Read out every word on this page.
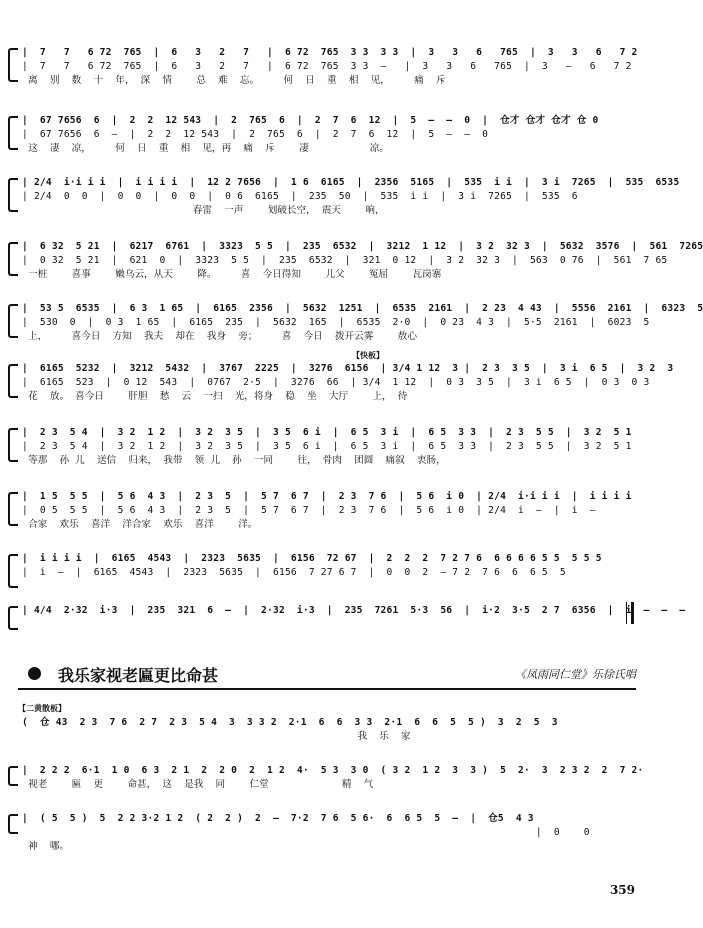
|  7   7   6 72  765  |  6   3   2   7   |  6 72  765  3 3  3 3  |  3   3   6   765  |  3   3   6   7 2
|  7   7   6 72  765  |  6   3   2   7   |  6 72  765  3 3  —   |  3   3   6   765  |  3   —   6   7 2
离    别    数    十    年，  深    情        总    难    忘。        何    日    重    相    见，        痛    斥
|  67 7656  6  |  2  2  12 543  |  2  765  6  |  2  7  6  12  |  5  —  —  0  |  仓才 仓才 仓才 仓 0
|  67 7656  6  —  |  2  2  12 543  |  2  765  6  |  2  7  6  12  |  5  —  —  0
这    凄    凉，        何    日    重    相    见，再    痛    斥        凄                    凉。
| 2/4  i·i i i  |  i i i i  |  12 2 7656  |  1 6  6165  |  2356  5165  |  535  i i  |  3 i  7265  |  535  6535
| 2/4  0  0  |  0  0  |  0  0  |  0 6  6165  |  235  50  |  535  i i  |  3 i  7265  |  535  6
春雷    一声        划破长空，  震天        响，
|  6 32  5 21  |  6217  6761  |  3323  5 5  |  235  6532  |  3212  1 12  |  3 2  32 3  |  5632  3576  |  561  7265
|  0 32  5 21  |  621  0  |  3323  5 5  |  235  6532  |  321  0 12  |  3 2  32 3  |  563  0 76  |  561  7 65
一桩        喜事        嫩乌云，从天        降。        喜    今日得知        儿父        冤屈        瓦岗寨
|  53 5  6535  |  6 3  1 65  |  6165  2356  |  5632  1251  |  6535  2161  |  2 23  4 43  |  5556  2161  |  6323  5
|  530  0  |  0 3  1 65  |  6165  235  |  5632  165  |  6535  2·0  |  0 23  4 3  |  5·5  2161  |  6023  5
上，        喜今日    方知    我夫    却在    我身    旁；        喜    今日    拨开云雾        敖心
【快板】
|  6165  5232  |  3212  5432  |  3767  2225  |  3276  6156  | 3/4 1 12  3 |  2 3  3 5  |  3 i  6 5  |  3 2  3
|  6165  523  |  0 12  543  |  0767  2·5  |  3276  66  | 3/4  1 12  |  0 3  3 5  |  3 i  6 5  |  0 3  0 3
花    放。  喜今日        肝胆    愁    云    一扫    光，将身    稳    坐    大厅        上，  待
|  2 3  5 4  |  3 2  1 2  |  3 2  3 5  |  3 5  6 i  |  6 5  3 i  |  6 5  3 3  |  2 3  5 5  |  3 2  5 1
|  2 3  5 4  |  3 2  1 2  |  3 2  3 5  |  3 5  6 i  |  6 5  3 i  |  6 5  3 3  |  2 3  5 5  |  3 2  5 1
等那    孙  儿    送信    归来，  我带    领  儿    孙    一同        往，  骨肉    团圆    痛叙    衷肠，
|  1 5  5 5  |  5 6  4 3  |  2 3  5  |  5 7  6 7  |  2 3  7 6  |  5 6  i 0  | 2/4  i·i i i  |  i i i i
|  0 5  5 5  |  5 6  4 3  |  2 3  5  |  5 7  6 7  |  2 3  7 6  |  5 6  i 0  | 2/4  i  —  |  i  —
合家    欢乐    喜洋    洋合家    欢乐    喜洋        洋。
|  i i i i  |  6165  4543  |  2323  5635  |  6156  72 67  |  2  2  2  7 2 7 6  6 6 6 6 5 5  5 5 5
|  i  —  |  6165  4543  |  2323  5635  |  6156  7 27 6 7  |  0  0  2  — 7 2  7 6  6  6 5  5
| 4/4  2·32  i·3  |  235  321  6  —  |  2·32  i·3  |  235  7261  5·3  56  |  i·2  3·5  2 7  6356  |  i  —  —  —
我乐家视老匾更比命甚	《凤雨同仁堂》乐徐氏唱
【二黄散板】
(  仓 43  2 3  7 6  2 7  2 3  5 4  3  3 3 2  2·1  6  6  3 3  2·1  6  6  5  5 )  3  2  5  3
我    乐    家
|  2 2 2  6·1  1 0  6 3  2 1  2  2 0  2  1 2  4·  5 3  3 0  ( 3 2  1 2  3  3 )  5  2·  3  2 3 2  2  7 2·
视老        匾    更        命甚，  这    是我    同        仁堂                        精    气
|  ( 5  5 )  5  2 2 3·2 1 2  ( 2  2 )  2  —  7·2  7 6  5 6·  6  6 5  5  —  |  仓5  4 3
|  0    0
神    哪。
359
